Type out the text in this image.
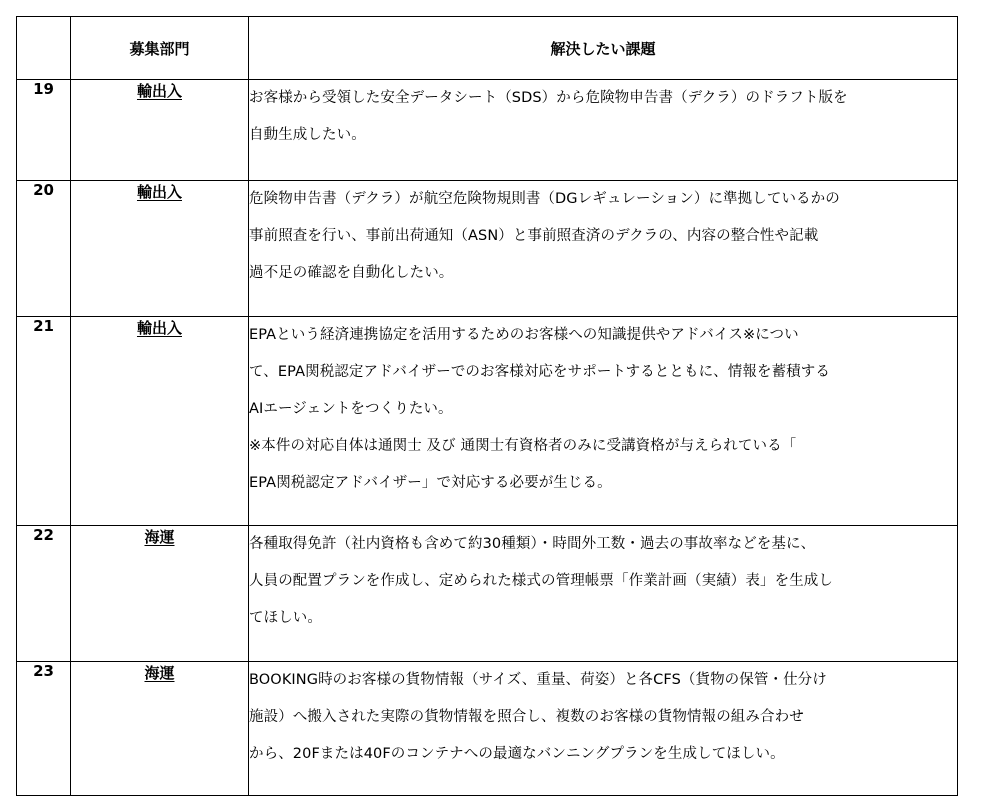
	募集部門	解決したい課題
19	輸出入	お客様から受領した安全データシート（SDS）から危険物申告書（デクラ）のドラフト版を
自動生成したい。

20	輸出入	危険物申告書（デクラ）が航空危険物規則書（DGレギュレーション）に準拠しているかの
事前照査を行い、事前出荷通知（ASN）と事前照査済のデクラの、内容の整合性や記載
過不足の確認を自動化したい。

21	輸出入	EPAという経済連携協定を活用するためのお客様への知識提供やアドバイス※につい
て、EPA関税認定アドバイザーでのお客様対応をサポートするとともに、情報を蓄積する
AIエージェントをつくりたい。
※本件の対応自体は通関士 及び 通関士有資格者のみに受講資格が与えられている「
EPA関税認定アドバイザー」で対応する必要が生じる。

22	海運	各種取得免許（社内資格も含めて約30種類）・時間外工数・過去の事故率などを基に、
人員の配置プランを作成し、定められた様式の管理帳票「作業計画（実績）表」を生成し
てほしい。

23	海運	BOOKING時のお客様の貨物情報（サイズ、重量、荷姿）と各CFS（貨物の保管・仕分け
施設）へ搬入された実際の貨物情報を照合し、複数のお客様の貨物情報の組み合わせ
から、20Fまたは40Fのコンテナへの最適なバンニングプランを生成してほしい。
